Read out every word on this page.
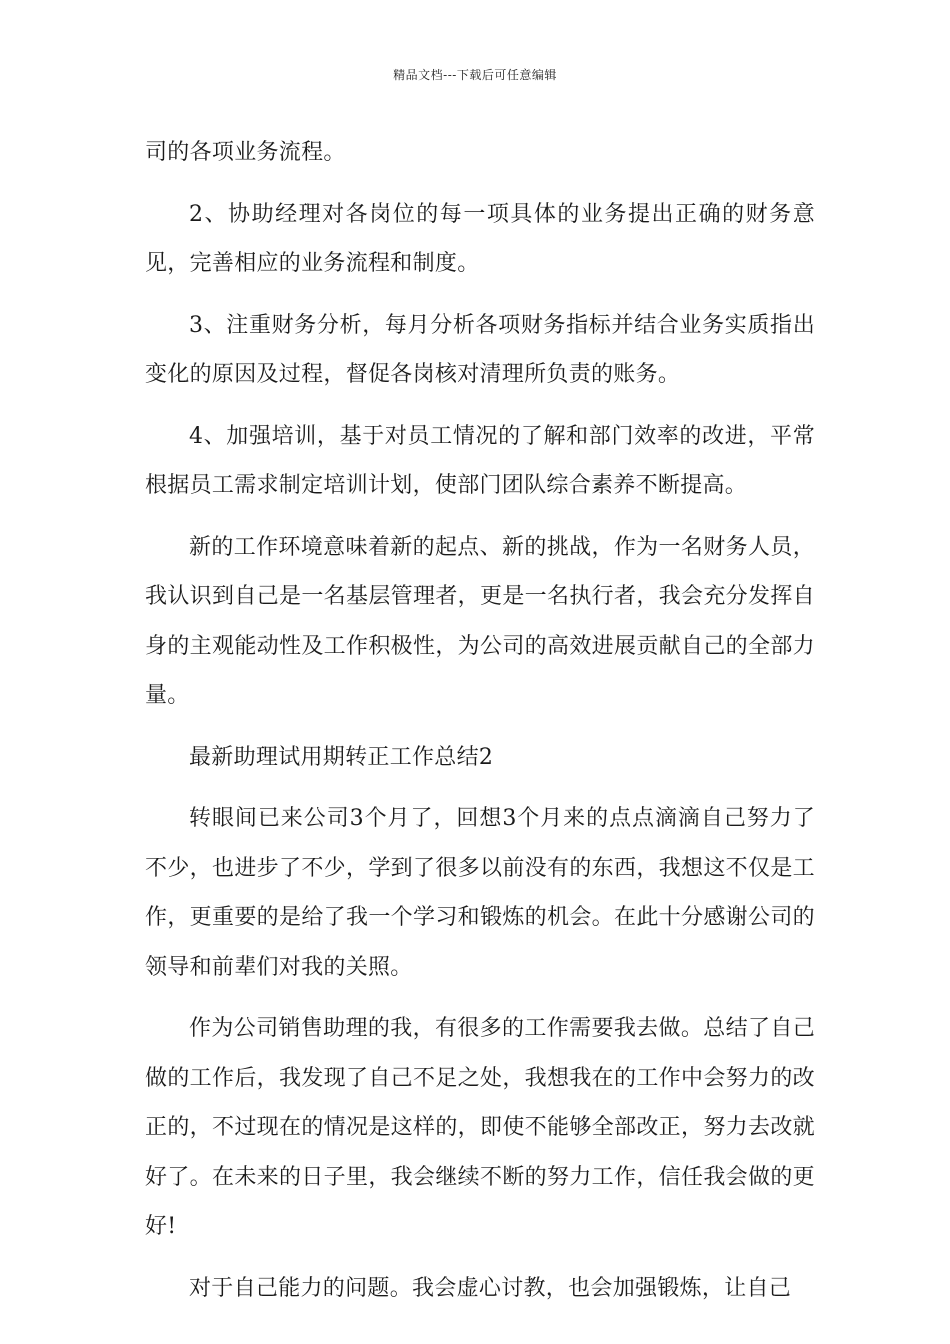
精品文档---下载后可任意编辑

司的各项业务流程。

2、协助经理对各岗位的每一项具体的业务提出正确的财务意见，完善相应的业务流程和制度。

3、注重财务分析，每月分析各项财务指标并结合业务实质指出变化的原因及过程，督促各岗核对清理所负责的账务。

4、加强培训，基于对员工情况的了解和部门效率的改进，平常根据员工需求制定培训计划，使部门团队综合素养不断提高。

新的工作环境意味着新的起点、新的挑战，作为一名财务人员，我认识到自己是一名基层管理者，更是一名执行者，我会充分发挥自身的主观能动性及工作积极性，为公司的高效进展贡献自己的全部力量。

最新助理试用期转正工作总结2

转眼间已来公司3个月了，回想3个月来的点点滴滴自己努力了不少，也进步了不少，学到了很多以前没有的东西，我想这不仅是工作，更重要的是给了我一个学习和锻炼的机会。在此十分感谢公司的领导和前辈们对我的关照。

作为公司销售助理的我，有很多的工作需要我去做。总结了自己做的工作后，我发现了自己不足之处，我想我在的工作中会努力的改正的，不过现在的情况是这样的，即使不能够全部改正，努力去改就好了。在未来的日子里，我会继续不断的努力工作，信任我会做的更好!

对于自己能力的问题。我会虚心讨教，也会加强锻炼，让自己
